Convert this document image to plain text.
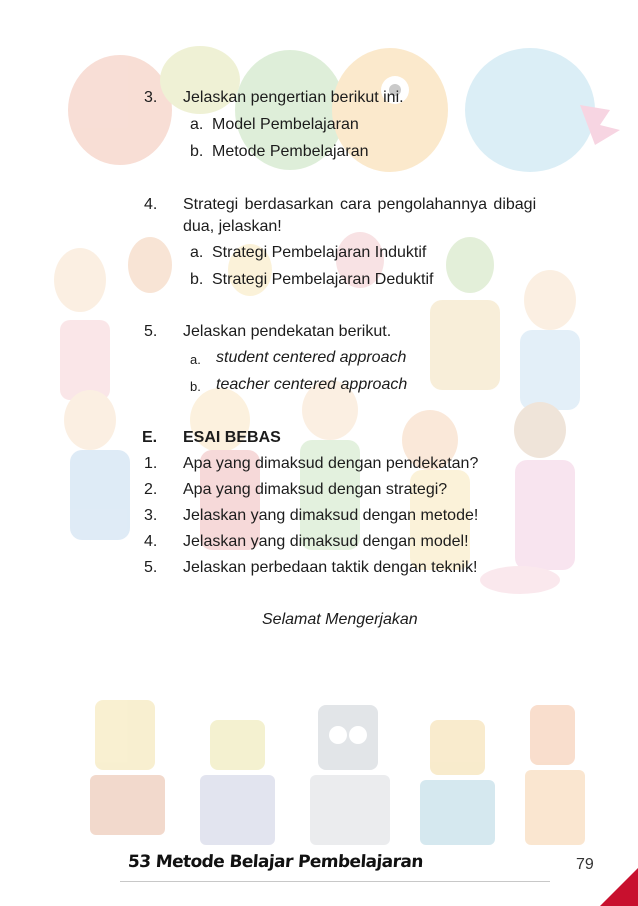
3. Jelaskan pengertian berikut ini.
a. Model Pembelajaran
b. Metode Pembelajaran
4. Strategi berdasarkan cara pengolahannya dibagi
dua, jelaskan!
a. Strategi Pembelajaran Induktif
b. Strategi Pembelajaran Deduktif
5. Jelaskan pendekatan berikut.
a. student centered approach
b. teacher centered approach
E. ESAI BEBAS
1. Apa yang dimaksud dengan pendekatan?
2. Apa yang dimaksud dengan strategi?
3. Jelaskan yang dimaksud dengan metode!
4. Jelaskan yang dimaksud dengan model!
5. Jelaskan perbedaan taktik dengan teknik!
Selamat Mengerjakan
53 Metode Belajar Pembelajaran	79
